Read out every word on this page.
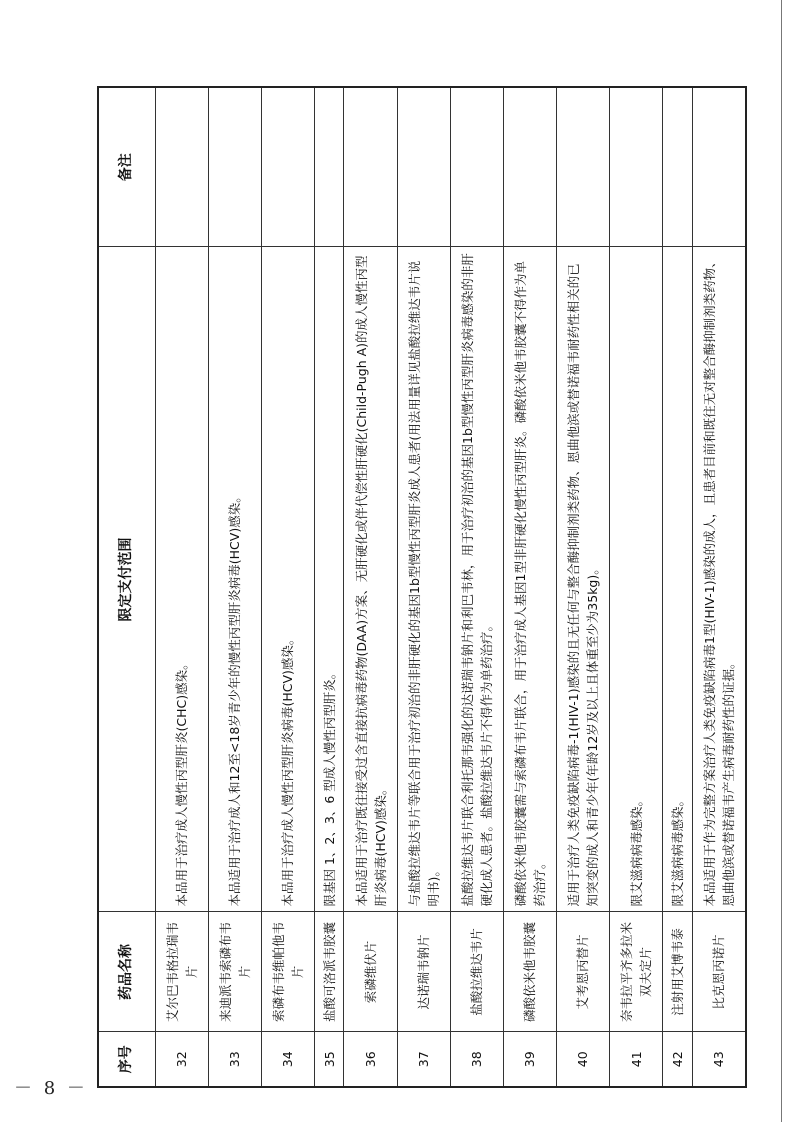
－ 8 －
序号	药品名称	限定支付范围	备注
32	艾尔巴韦格拉瑞韦片	本品用于治疗成人慢性丙型肝炎(CHC)感染。	
33	来迪派韦索磷布韦片	本品适用于治疗成人和12至<18岁青少年的慢性丙型肝炎病毒(HCV)感染。	
34	索磷布韦维帕他韦片	本品用于治疗成人慢性丙型肝炎病毒(HCV)感染。	
35	盐酸可洛派韦胶囊	限基因 1、2、3、6 型成人慢性丙型肝炎。	
36	索磷维伏片	本品适用于治疗既往接受过含直接抗病毒药物(DAA)方案、无肝硬化或伴代偿性肝硬化(Child-Pugh A)的成人慢性丙型肝炎病毒(HCV)感染。	
37	达诺瑞韦钠片	与盐酸拉维达韦片等联合用于治疗初治的非肝硬化的基因1b型慢性丙型肝炎成人患者(用法用量详见盐酸拉维达韦片说明书)。	
38	盐酸拉维达韦片	盐酸拉维达韦片联合利托那韦强化的达诺瑞韦钠片和利巴韦林，用于治疗初治的基因1b型慢性丙型肝炎病毒感染的非肝硬化成人患者。盐酸拉维达韦片不得作为单药治疗。	
39	磷酸依米他韦胶囊	磷酸依米他韦胶囊需与索磷布韦片联合，用于治疗成人基因1型非肝硬化慢性丙型肝炎。磷酸依米他韦胶囊不得作为单药治疗。	
40	艾考恩丙替片	适用于治疗人类免疫缺陷病毒-1(HIV-1)感染的且无任何与整合酶抑制剂类药物、恩曲他滨或替诺福韦耐药性相关的已知突变的成人和青少年(年龄12岁及以上且体重至少为35kg)。	
41	奈韦拉平齐多拉米双夫定片	限艾滋病病毒感染。	
42	注射用艾博韦泰	限艾滋病病毒感染。	
43	比克恩丙诺片	本品适用于作为完整方案治疗人类免疫缺陷病毒1型(HIV-1)感染的成人，且患者目前和既往无对整合酶抑制剂类药物、恩曲他滨或替诺福韦产生病毒耐药性的证据。	
